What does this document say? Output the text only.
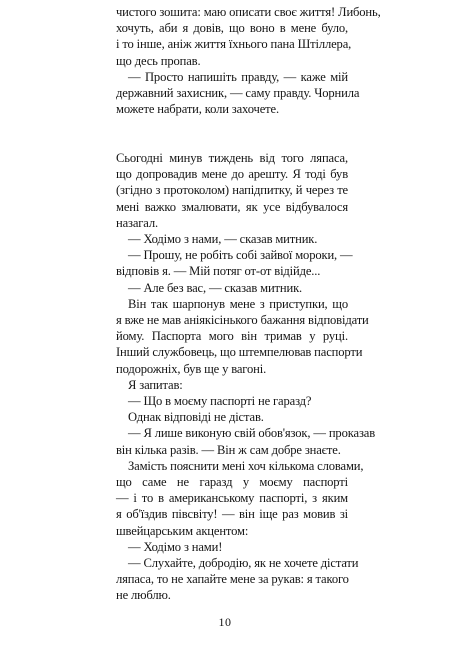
чистого зошита: маю описати своє життя! Либонь,
хочуть, аби я довів, що воно в мене було,
і то інше, аніж життя їхнього пана Штіллера,
що десь пропав.

— Просто напишіть правду, — каже мій
державний захисник, — саму правду. Чорнила
можете набрати, коли захочете.

Сьогодні минув тиждень від того ляпаса,
що допровадив мене до арешту. Я тоді був
(згідно з протоколом) напідпитку, й через те
мені важко змалювати, як усе відбувалося
назагал.

— Ходімо з нами, — сказав митник.

— Прошу, не робіть собі зайвої мороки, —
відповів я. — Мій потяг от-от відійде...

— Але без вас, — сказав митник.

Він так шарпонув мене з приступки, що
я вже не мав аніякісінького бажання відповідати
йому. Паспорта мого він тримав у руці.
Інший службовець, що штемпелював паспорти
подорожніх, був ще у вагоні.

Я запитав:

— Що в моєму паспорті не гаразд?

Однак відповіді не дістав.

— Я лише виконую свій обов'язок, — проказав
він кілька разів. — Він ж сам добре знаєте.

Замість пояснити мені хоч кількома словами,
що саме не гаразд у моєму паспорті
— і то в американському паспорті, з яким
я об'їздив півсвіту! — він іще раз мовив зі
швейцарським акцентом:

— Ходімо з нами!

— Слухайте, добродію, як не хочете дістати
ляпаса, то не хапайте мене за рукав: я такого
не люблю.

10
